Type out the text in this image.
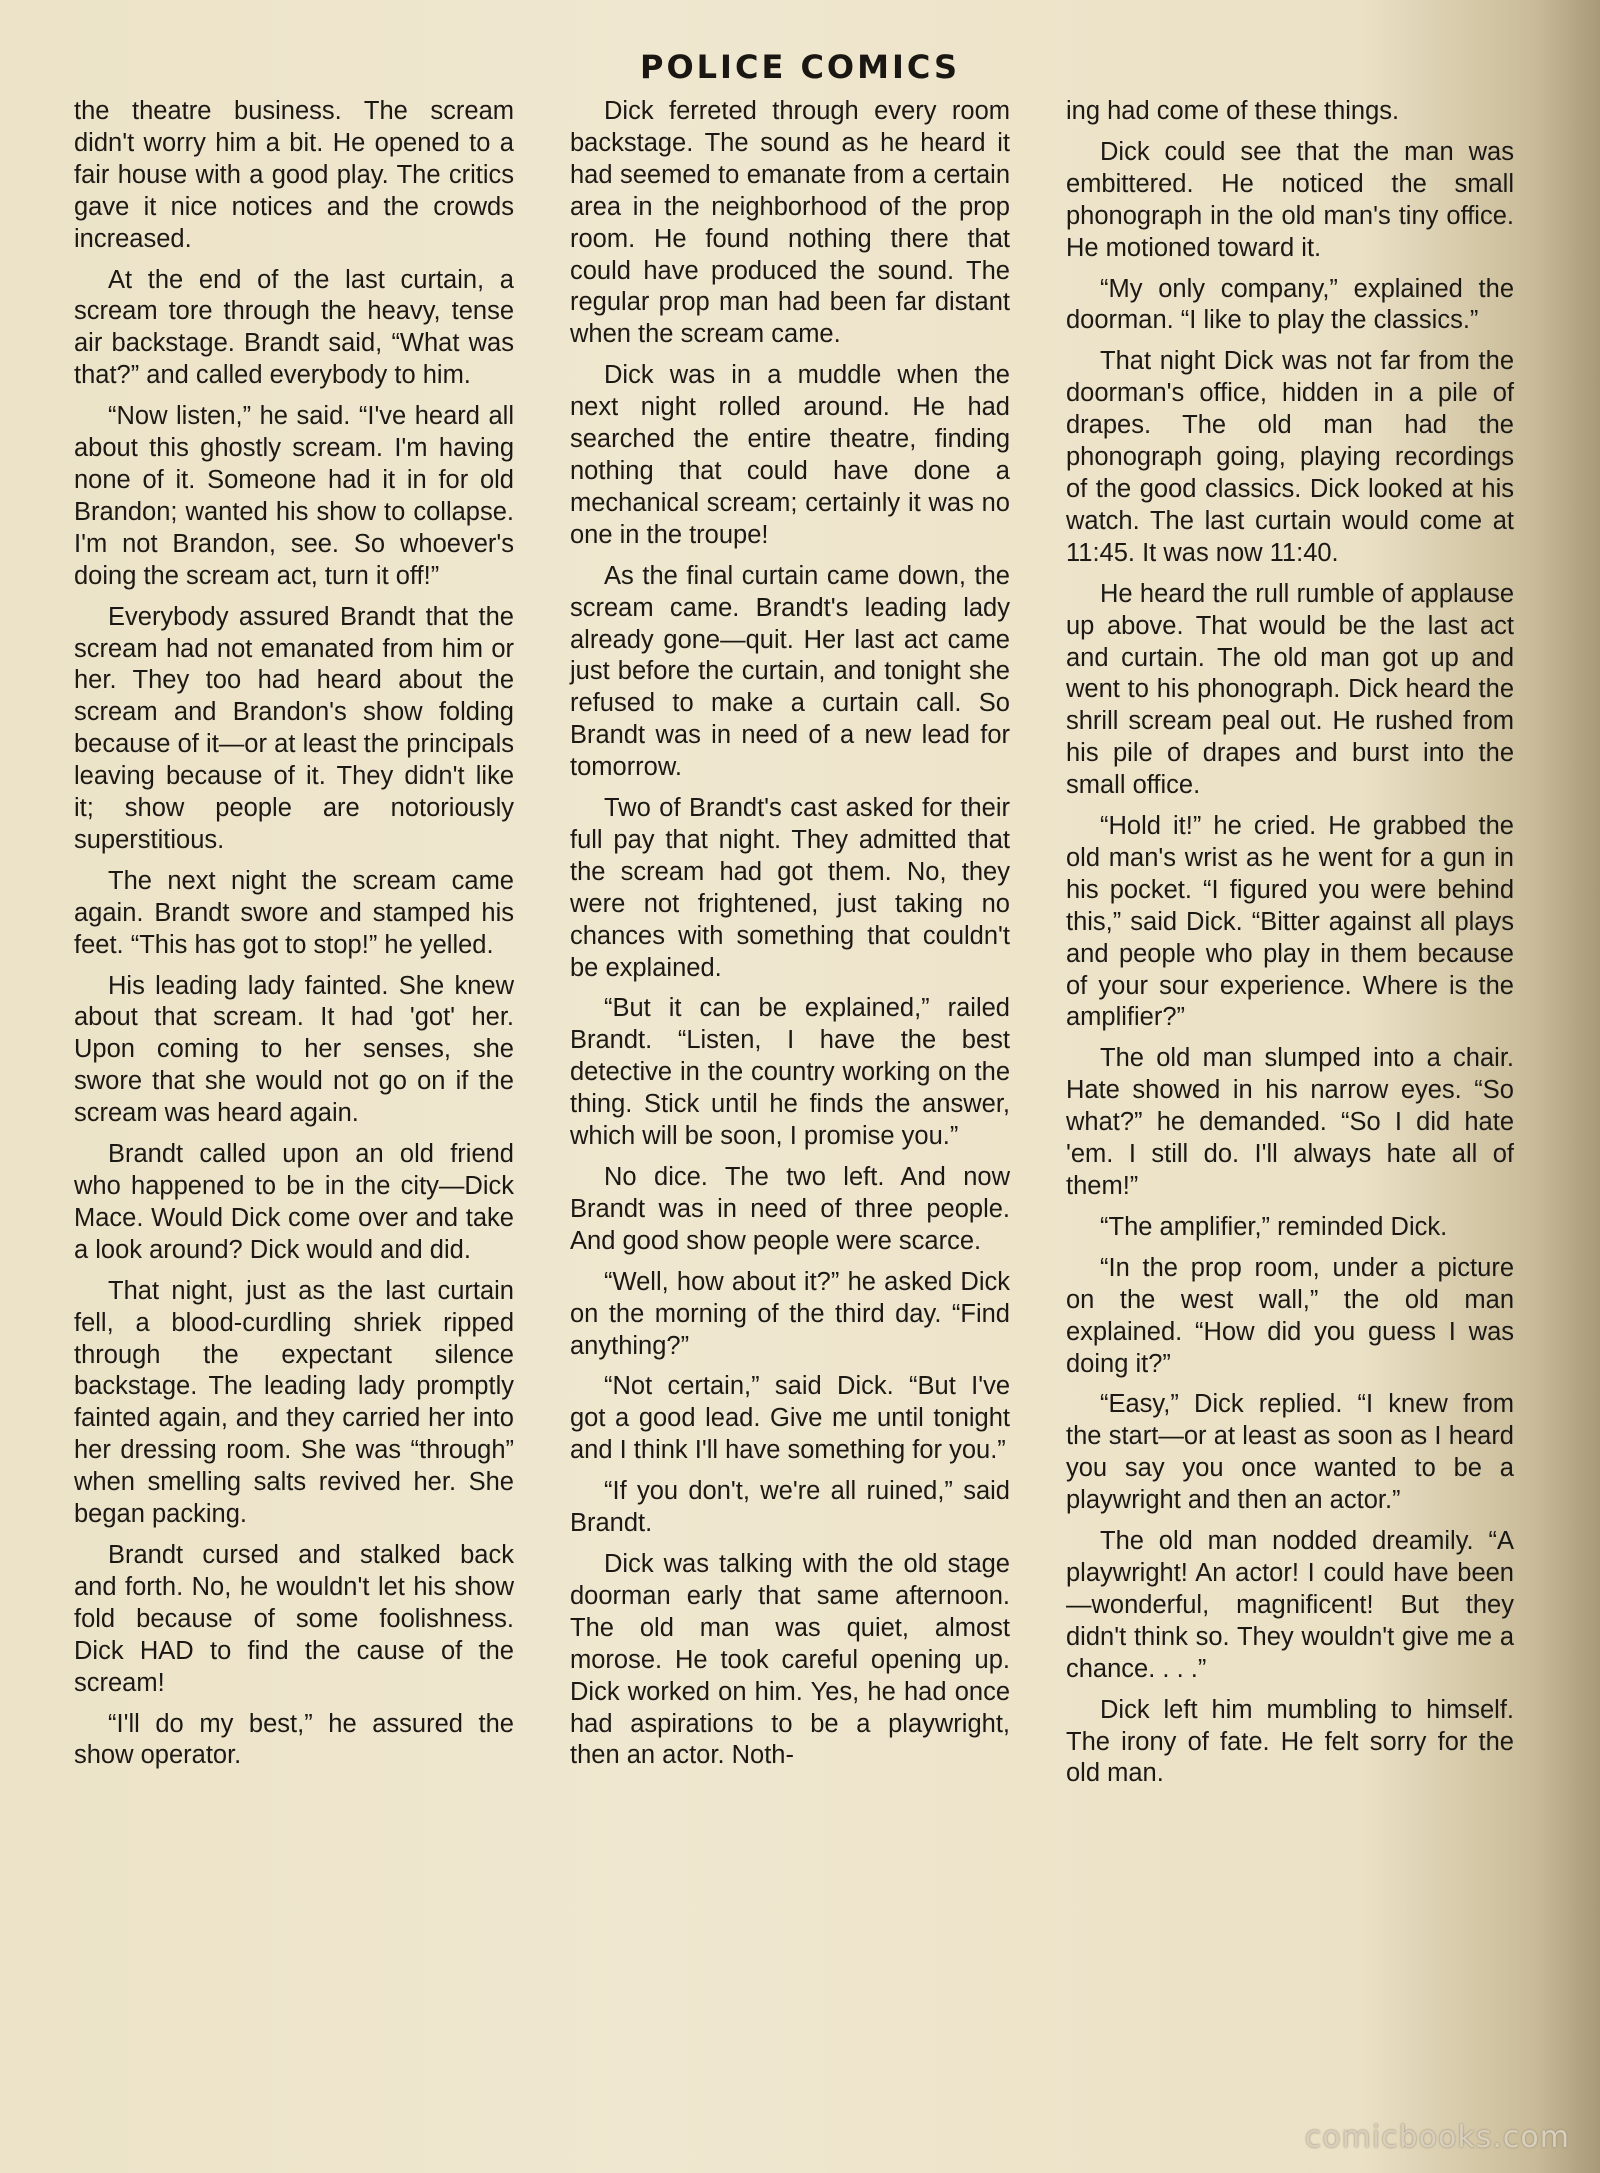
POLICE COMICS

the theatre business. The scream didn't worry him a bit. He opened to a fair house with a good play. The critics gave it nice notices and the crowds increased.

At the end of the last curtain, a scream tore through the heavy, tense air backstage. Brandt said, “What was that?” and called everybody to him.

“Now listen,” he said. “I've heard all about this ghostly scream. I'm having none of it. Someone had it in for old Brandon; wanted his show to collapse. I'm not Brandon, see. So whoever's doing the scream act, turn it off!”

Everybody assured Brandt that the scream had not emanated from him or her. They too had heard about the scream and Brandon's show folding because of it—or at least the principals leaving because of it. They didn't like it; show people are notoriously superstitious.

The next night the scream came again. Brandt swore and stamped his feet. “This has got to stop!” he yelled.

His leading lady fainted. She knew about that scream. It had 'got' her. Upon coming to her senses, she swore that she would not go on if the scream was heard again.

Brandt called upon an old friend who happened to be in the city—Dick Mace. Would Dick come over and take a look around? Dick would and did.

That night, just as the last curtain fell, a blood-curdling shriek ripped through the expectant silence backstage. The leading lady promptly fainted again, and they carried her into her dressing room. She was “through” when smelling salts revived her. She began packing.

Brandt cursed and stalked back and forth. No, he wouldn't let his show fold because of some foolishness. Dick HAD to find the cause of the scream!

“I'll do my best,” he assured the show operator.

Dick ferreted through every room backstage. The sound as he heard it had seemed to emanate from a certain area in the neighborhood of the prop room. He found nothing there that could have produced the sound. The regular prop man had been far distant when the scream came.

Dick was in a muddle when the next night rolled around. He had searched the entire theatre, finding nothing that could have done a mechanical scream; certainly it was no one in the troupe!

As the final curtain came down, the scream came. Brandt's leading lady already gone—quit. Her last act came just before the curtain, and tonight she refused to make a curtain call. So Brandt was in need of a new lead for tomorrow.

Two of Brandt's cast asked for their full pay that night. They admitted that the scream had got them. No, they were not frightened, just taking no chances with something that couldn't be explained.

“But it can be explained,” railed Brandt. “Listen, I have the best detective in the country working on the thing. Stick until he finds the answer, which will be soon, I promise you.”

No dice. The two left. And now Brandt was in need of three people. And good show people were scarce.

“Well, how about it?” he asked Dick on the morning of the third day. “Find anything?”

“Not certain,” said Dick. “But I've got a good lead. Give me until tonight and I think I'll have something for you.”

“If you don't, we're all ruined,” said Brandt.

Dick was talking with the old stage doorman early that same afternoon. The old man was quiet, almost morose. He took careful opening up. Dick worked on him. Yes, he had once had aspirations to be a playwright, then an actor. Noth-

ing had come of these things.

Dick could see that the man was embittered. He noticed the small phonograph in the old man's tiny office. He motioned toward it.

“My only company,” explained the doorman. “I like to play the classics.”

That night Dick was not far from the doorman's office, hidden in a pile of drapes. The old man had the phonograph going, playing recordings of the good classics. Dick looked at his watch. The last curtain would come at 11:45. It was now 11:40.

He heard the rull rumble of applause up above. That would be the last act and curtain. The old man got up and went to his phonograph. Dick heard the shrill scream peal out. He rushed from his pile of drapes and burst into the small office.

“Hold it!” he cried. He grabbed the old man's wrist as he went for a gun in his pocket. “I figured you were behind this,” said Dick. “Bitter against all plays and people who play in them because of your sour experience. Where is the amplifier?”

The old man slumped into a chair. Hate showed in his narrow eyes. “So what?” he demanded. “So I did hate 'em. I still do. I'll always hate all of them!”

“The amplifier,” reminded Dick.

“In the prop room, under a picture on the west wall,” the old man explained. “How did you guess I was doing it?”

“Easy,” Dick replied. “I knew from the start—or at least as soon as I heard you say you once wanted to be a playwright and then an actor.”

The old man nodded dreamily. “A playwright! An actor! I could have been—wonderful, magnificent! But they didn't think so. They wouldn't give me a chance. . . .”

Dick left him mumbling to himself. The irony of fate. He felt sorry for the old man.

comicbooks.com
